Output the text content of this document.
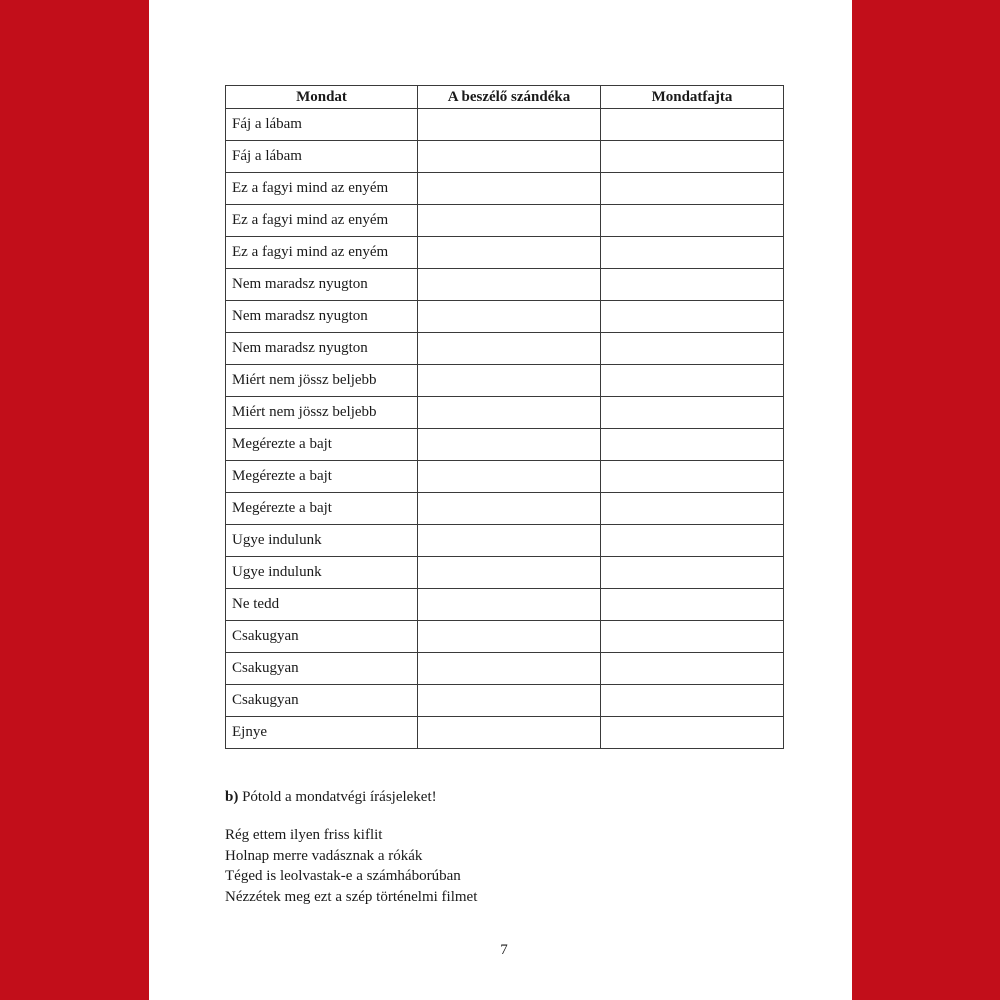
Mondat	A beszélő szándéka	Mondatfajta
Fáj a lábam		
Fáj a lábam		
Ez a fagyi mind az enyém		
Ez a fagyi mind az enyém		
Ez a fagyi mind az enyém		
Nem maradsz nyugton		
Nem maradsz nyugton		
Nem maradsz nyugton		
Miért nem jössz beljebb		
Miért nem jössz beljebb		
Megérezte a bajt		
Megérezte a bajt		
Megérezte a bajt		
Ugye indulunk		
Ugye indulunk		
Ne tedd		
Csakugyan		
Csakugyan		
Csakugyan		
Ejnye		
b) Pótold a mondatvégi írásjeleket!
Rég ettem ilyen friss kiflit
Holnap merre vadásznak a rókák
Téged is leolvastak-e a számháborúban
Nézzétek meg ezt a szép történelmi filmet
7
